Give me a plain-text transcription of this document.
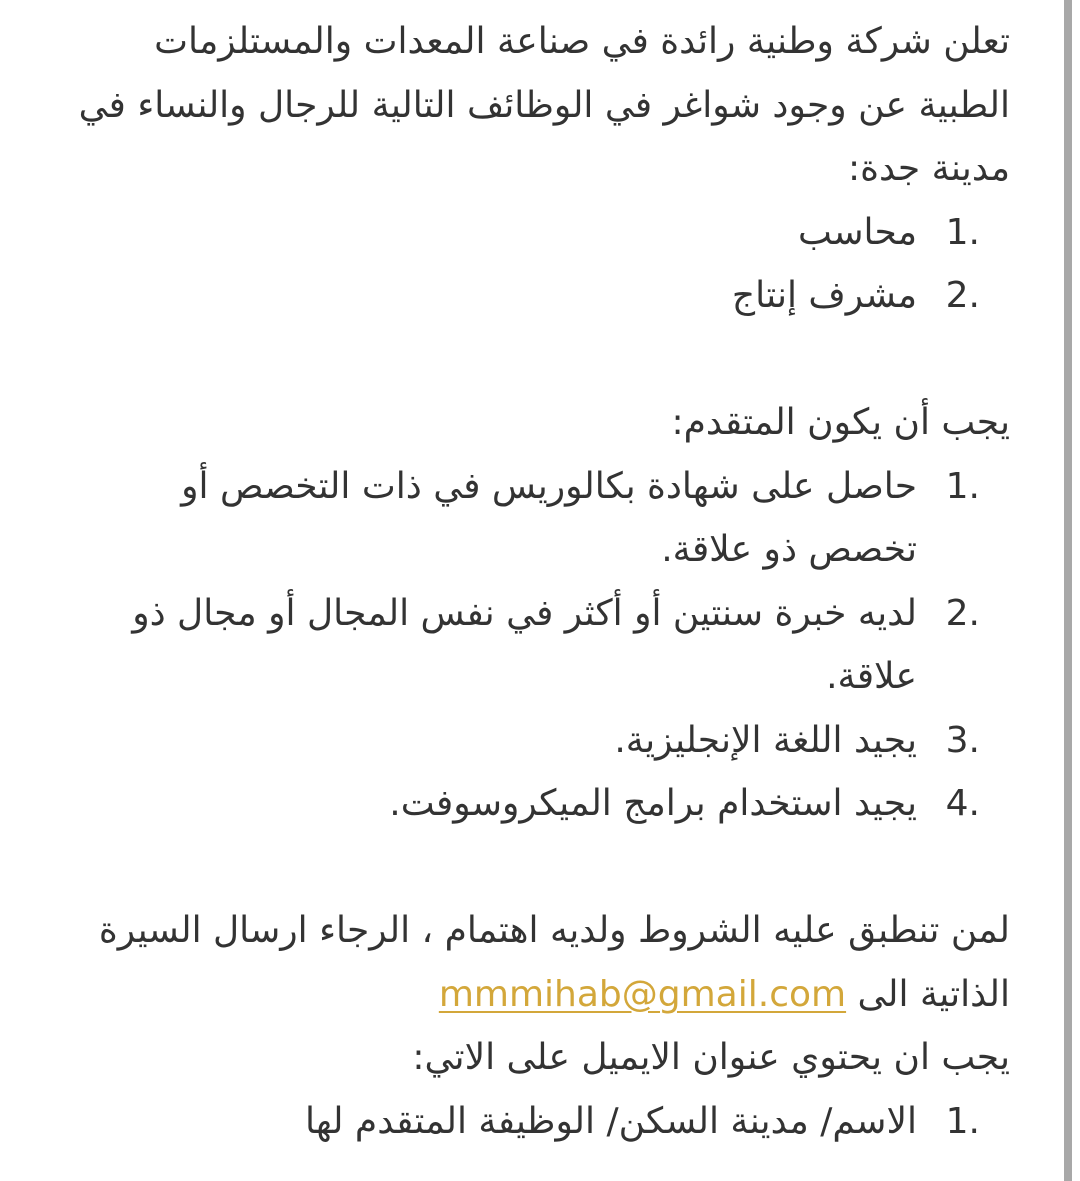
تعلن شركة وطنية رائدة في صناعة المعدات والمستلزمات الطبية عن وجود شواغر في الوظائف التالية للرجال والنساء في مدينة جدة:

1.
محاسب
2.
مشرف إنتاج

يجب أن يكون المتقدم:

1.
حاصل على شهادة بكالوريس في ذات التخصص أو تخصص ذو علاقة.
2.
لديه خبرة سنتين أو أكثر في نفس المجال أو مجال ذو علاقة.
3.
يجيد اللغة الإنجليزية.
4.
يجيد استخدام برامج الميكروسوفت.

لمن تنطبق عليه الشروط ولديه اهتمام ، الرجاء ارسال السيرة الذاتية الى mmmihab@gmail.com

يجب ان يحتوي عنوان الايميل على الاتي:

1.
الاسم/ مدينة السكن/ الوظيفة المتقدم لها
